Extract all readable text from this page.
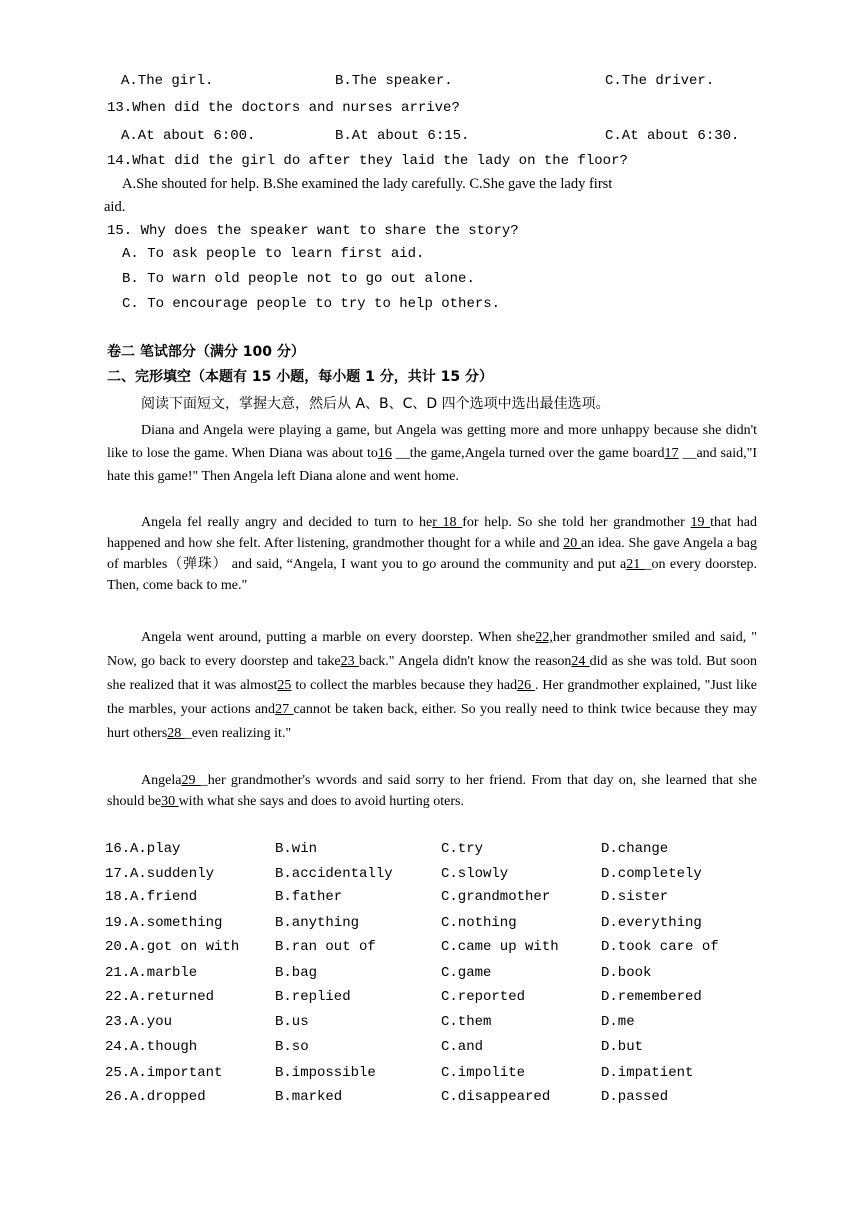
A.The girl.	B.The speaker.	C.The driver.
13.When did the doctors and nurses arrive?
A.At about 6:00.	B.At about 6:15.	C.At about 6:30.
14.What did the girl do after they laid the lady on the floor?
A.She shouted for help. B.She examined the lady carefully. C.She gave the lady first
aid.
15. Why does the speaker want to share the story?
A. To ask people to learn first aid.
B. To warn old people not to go out alone.
C. To encourage people to try to help others.
卷二 笔试部分（满分 100 分）
二、完形填空（本题有 15 小题，每小题 1 分，共计 15 分）
阅读下面短文，掌握大意，然后从 A、B、C、D 四个选项中选出最佳选项。

Diana and Angela were playing a game, but Angela was getting more and more unhappy because she didn't like to lose the game. When Diana was about to16 __the game,Angela turned over the game board17 __and said,"I hate this game!" Then Angela left Diana alone and went home.

Angela fel really angry and decided to turn to her 18 for help. So she told her grandmother 19 that had happened and how she felt. After listening, grandmother thought for a while and 20 an idea. She gave Angela a bag of marbles（弹珠） and said, “Angela, I want you to go around the community and put a21 _on every doorstep. Then, come back to me."

Angela went around, putting a marble on every doorstep. When she22,her grandmother smiled and said, " Now, go back to every doorstep and take23 back." Angela didn't know the reason24 did as she was told. But soon she realized that it was almost25 to collect the marbles because they had26 . Her grandmother explained, "Just like the marbles, your actions and27 cannot be taken back, either. So you really need to think twice because they may hurt others28 _even realizing it."

Angela29 _her grandmother's wvords and said sorry to her friend. From that day on, she learned that she should be30 with what she says and does to avoid hurting oters.

16. A.play	B.win	C.try	D.change
17. A.suddenly	B.accidentally	C.slowly	D.completely
18. A.friend	B.father	C.grandmother	D.sister
19. A.something	B.anything	C.nothing	D.everything
20. A.got on with	B.ran out of	C.came up with	D.took care of
21. A.marble	B.bag	C.game	D.book
22. A.returned	B.replied	C.reported	D.remembered
23. A.you	B.us	C.them	D.me
24. A.though	B.so	C.and	D.but
25. A.important	B.impossible	C.impolite	D.impatient
26. A.dropped	B.marked	C.disappeared	D.passed
